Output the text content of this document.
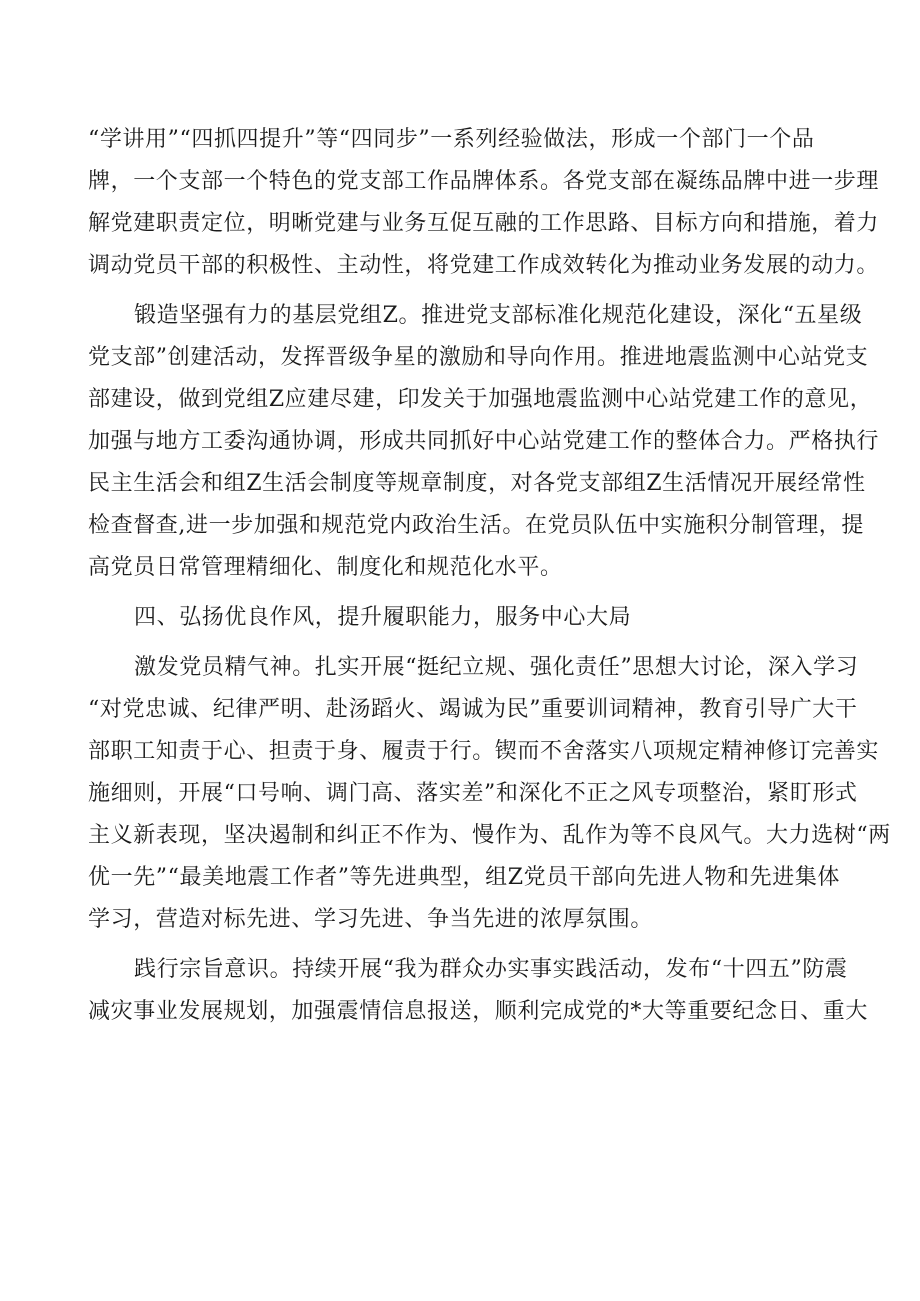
“学讲用”“四抓四提升”等“四同步”一系列经验做法，形成一个部门一个品
牌，一个支部一个特色的党支部工作品牌体系。各党支部在凝练品牌中进一步理
解党建职责定位，明晰党建与业务互促互融的工作思路、目标方向和措施，着力
调动党员干部的积极性、主动性，将党建工作成效转化为推动业务发展的动力。
锻造坚强有力的基层党组Z。推进党支部标准化规范化建设，深化“五星级
党支部”创建活动，发挥晋级争星的激励和导向作用。推进地震监测中心站党支
部建设，做到党组Z应建尽建，印发关于加强地震监测中心站党建工作的意见，
加强与地方工委沟通协调，形成共同抓好中心站党建工作的整体合力。严格执行
民主生活会和组Z生活会制度等规章制度，对各党支部组Z生活情况开展经常性
检查督查,进一步加强和规范党内政治生活。在党员队伍中实施积分制管理，提
高党员日常管理精细化、制度化和规范化水平。
四、弘扬优良作风，提升履职能力，服务中心大局
激发党员精气神。扎实开展“挺纪立规、强化责任”思想大讨论，深入学习
“对党忠诚、纪律严明、赴汤蹈火、竭诚为民”重要训词精神，教育引导广大干
部职工知责于心、担责于身、履责于行。锲而不舍落实八项规定精神修订完善实
施细则，开展“口号响、调门高、落实差”和深化不正之风专项整治，紧盯形式
主义新表现，坚决遏制和纠正不作为、慢作为、乱作为等不良风气。大力选树“两
优一先”“最美地震工作者”等先进典型，组Z党员干部向先进人物和先进集体
学习，营造对标先进、学习先进、争当先进的浓厚氛围。
践行宗旨意识。持续开展“我为群众办实事实践活动，发布“十四五”防震
减灾事业发展规划，加强震情信息报送，顺利完成党的*大等重要纪念日、重大
